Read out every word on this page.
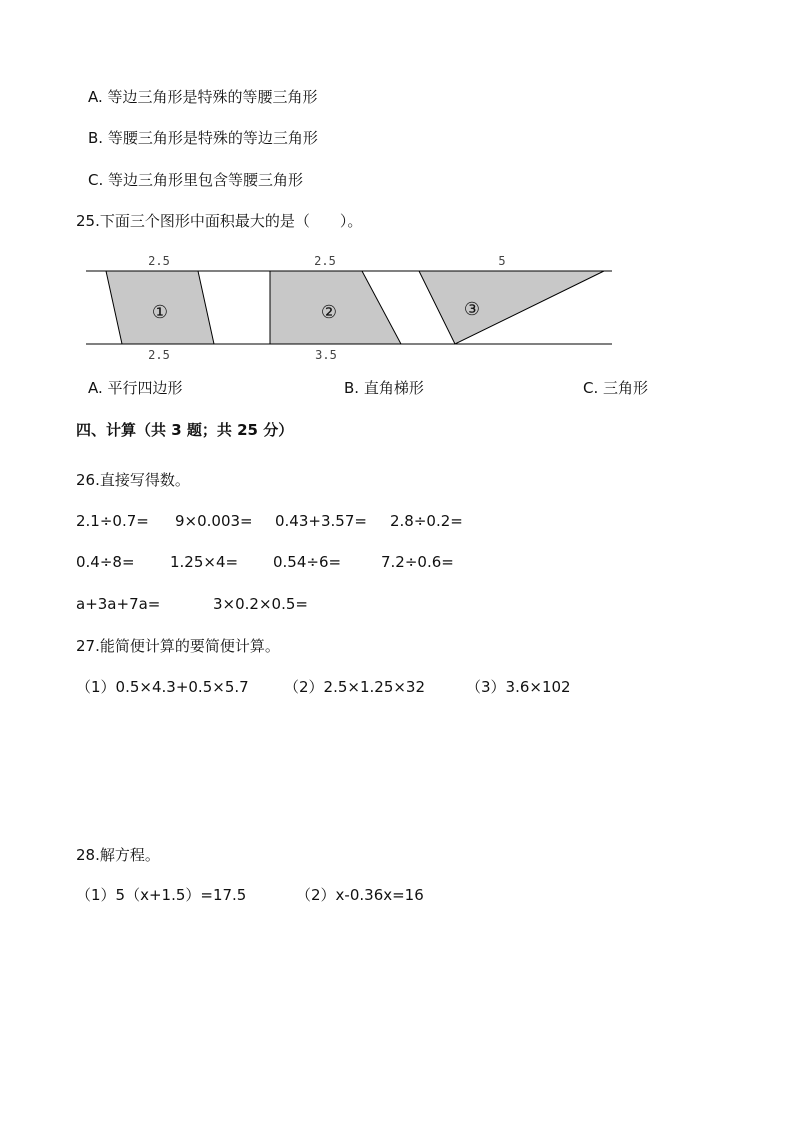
A. 等边三角形是特殊的等腰三角形
B. 等腰三角形是特殊的等边三角形
C. 等边三角形里包含等腰三角形
25.下面三个图形中面积最大的是（　　）。
①
2.5
2.5
②
2.5
3.5
③
5
A. 平行四边形	B. 直角梯形	C. 三角形
四、计算（共 3 题；共 25 分）
26.直接写得数。
2.1÷0.7= 9×0.003= 0.43+3.57= 2.8÷0.2=
0.4÷8= 1.25×4= 0.54÷6=	7.2÷0.6=
a+3a+7a=	3×0.2×0.5=
27.能简便计算的要简便计算。
（1）0.5×4.3+0.5×5.7 （2）2.5×1.25×32	（3）3.6×102
28.解方程。
（1）5（x+1.5）=17.5	（2）x-0.36x=16
